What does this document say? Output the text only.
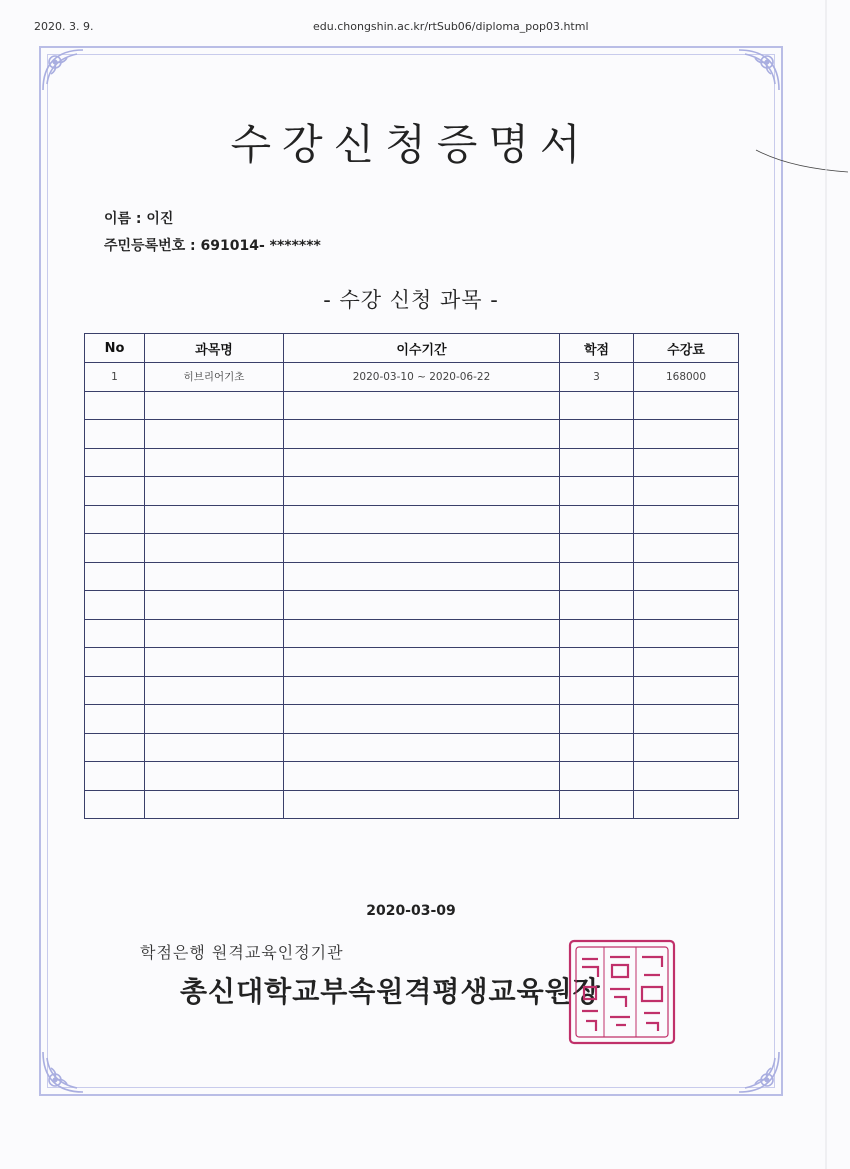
2020. 3. 9.	edu.chongshin.ac.kr/rtSub06/diploma_pop03.html
수강신청증명서
이름 : 이진
주민등록번호 : 691014- *******
- 수강 신청 과목 -
No	과목명	이수기간	학점	수강료
1	히브리어기초	2020-03-10 ~ 2020-06-22	3	168000

2020-03-09
학점은행 원격교육인정기관
총신대학교부속원격평생교육원장
